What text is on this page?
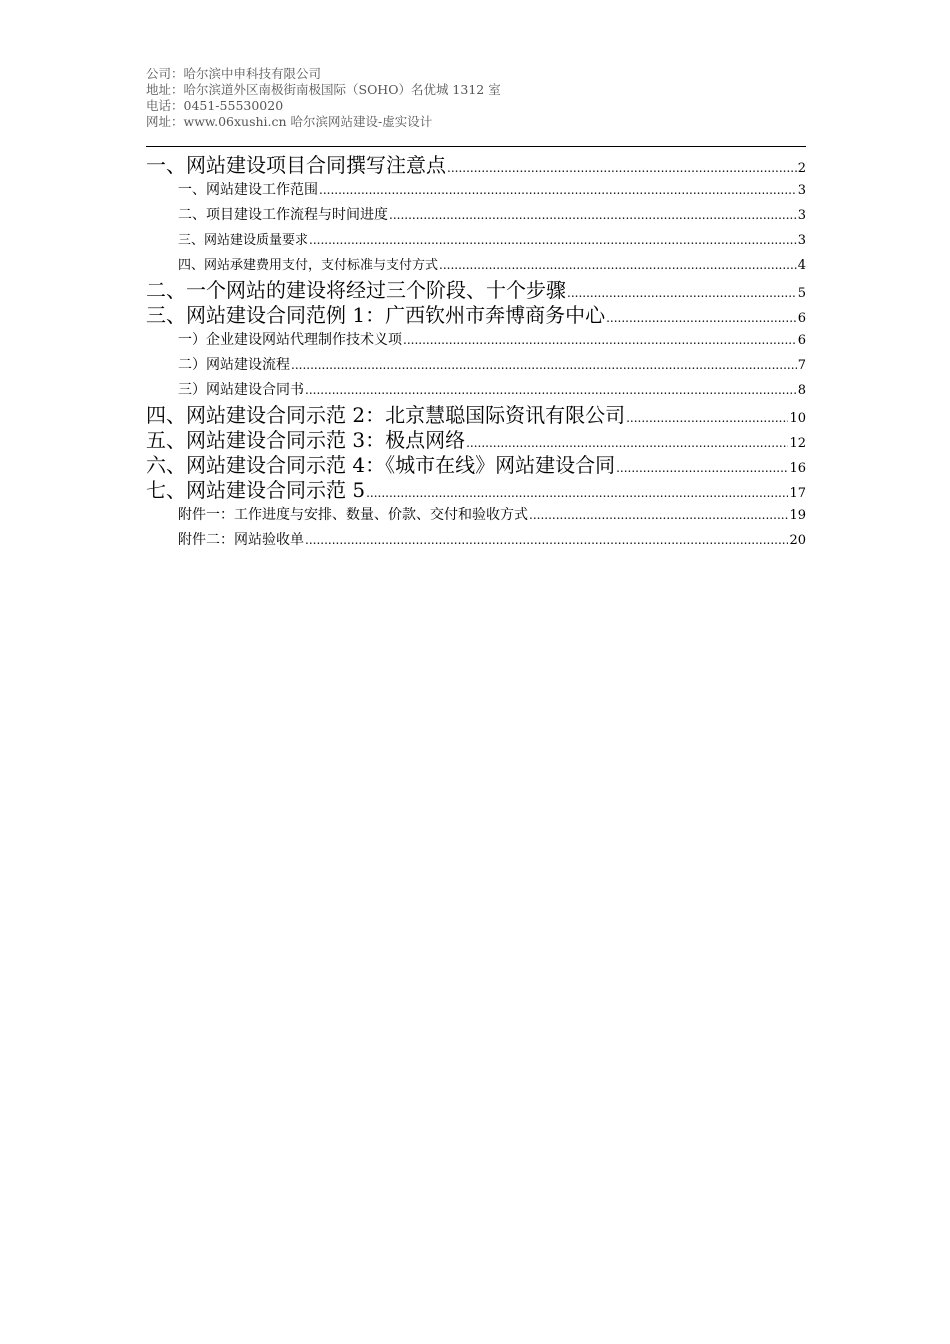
公司：哈尔滨中申科技有限公司
地址：哈尔滨道外区南极街南极国际（SOHO）名优城 1312 室
电话：0451-55530020
网址：www.06xushi.cn 哈尔滨网站建设-虚实设计
一、网站建设项目合同撰写注意点 .....	2
一、网站建设工作范围 .....	3
二、项目建设工作流程与时间进度 .....	3
三、网站建设质量要求 .....	3
四、网站承建费用支付，支付标准与支付方式 .....	4
二、一个网站的建设将经过三个阶段、十个步骤 .....	5
三、网站建设合同范例 1：广西钦州市奔博商务中心 .....	6
一）企业建设网站代理制作技术义项 .....	6
二）网站建设流程 .....	7
三）网站建设合同书 .....	8
四、网站建设合同示范 2：北京慧聪国际资讯有限公司 .....	10
五、网站建设合同示范 3：极点网络 .....	12
六、网站建设合同示范 4：《城市在线》网站建设合同 .....	16
七、网站建设合同示范 5 .....	17
附件一：工作进度与安排、数量、价款、交付和验收方式 .....	19
附件二：网站验收单 .....	20
